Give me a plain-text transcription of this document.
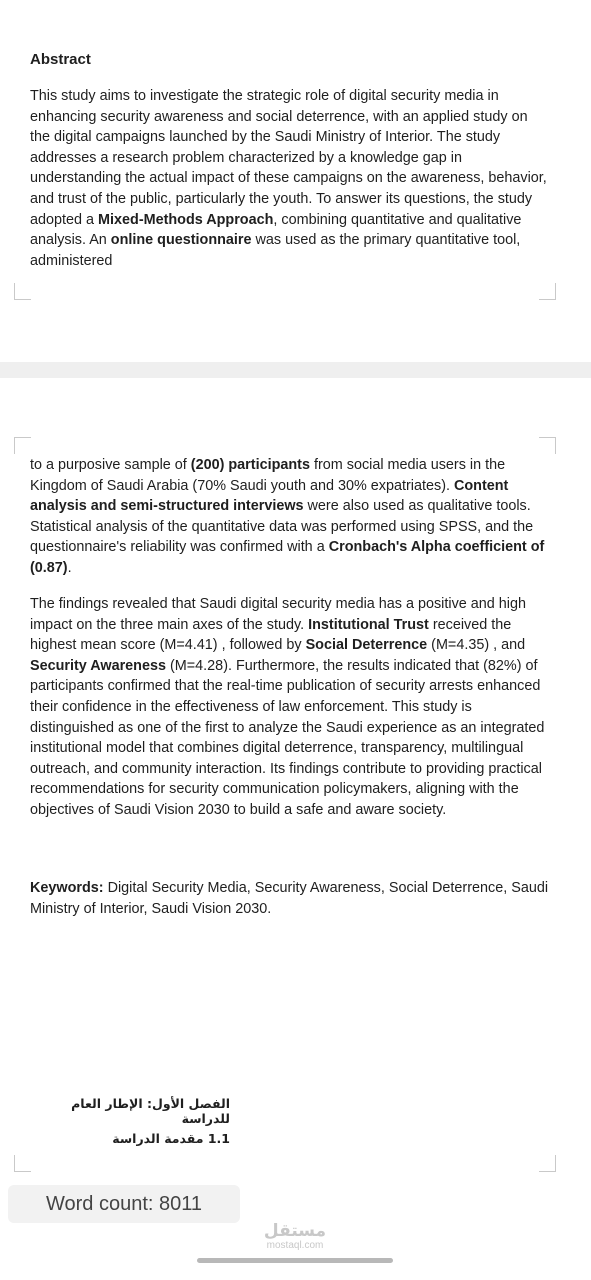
Abstract

This study aims to investigate the strategic role of digital security media in enhancing security awareness and social deterrence, with an applied study on the digital campaigns launched by the Saudi Ministry of Interior. The study addresses a research problem characterized by a knowledge gap in understanding the actual impact of these campaigns on the awareness, behavior, and trust of the public, particularly the youth. To answer its questions, the study adopted a Mixed-Methods Approach, combining quantitative and qualitative analysis. An online questionnaire was used as the primary quantitative tool, administered

to a purposive sample of (200) participants from social media users in the Kingdom of Saudi Arabia (70% Saudi youth and 30% expatriates). Content analysis and semi-structured interviews were also used as qualitative tools. Statistical analysis of the quantitative data was performed using SPSS, and the questionnaire's reliability was confirmed with a Cronbach's Alpha coefficient of (0.87).

The findings revealed that Saudi digital security media has a positive and high impact on the three main axes of the study. Institutional Trust received the highest mean score (M=4.41) , followed by Social Deterrence (M=4.35) , and Security Awareness (M=4.28). Furthermore, the results indicated that (82%) of participants confirmed that the real-time publication of security arrests enhanced their confidence in the effectiveness of law enforcement. This study is distinguished as one of the first to analyze the Saudi experience as an integrated institutional model that combines digital deterrence, transparency, multilingual outreach, and community interaction. Its findings contribute to providing practical recommendations for security communication policymakers, aligning with the objectives of Saudi Vision 2030 to build a safe and aware society.

Keywords: Digital Security Media, Security Awareness, Social Deterrence, Saudi Ministry of Interior, Saudi Vision 2030.

الفصل الأول: الإطار العام للدراسة

1.1 مقدمة الدراسة

Word count: 8011
مستقل
mostaql.com
